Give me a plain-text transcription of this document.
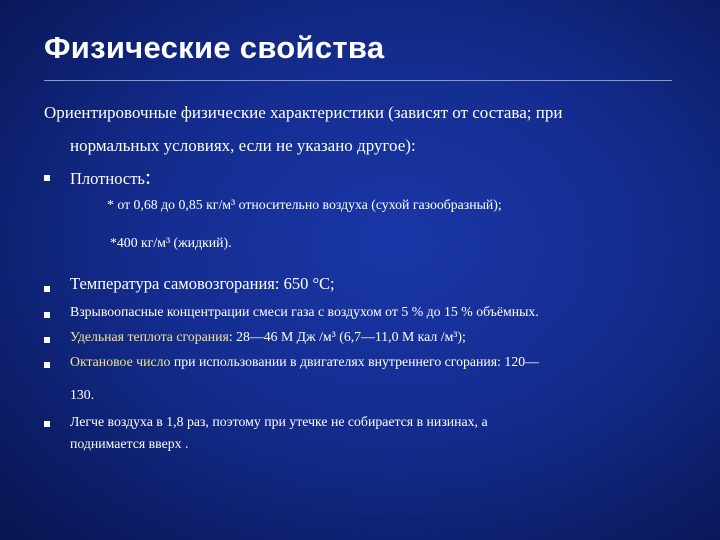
Физические свойства
Ориентировочные физические характеристики (зависят от состава; при
нормальных условиях, если не указано другое):
Плотность:
* от 0,68 до 0,85 кг/м³ относительно воздуха (сухой газообразный);
*400 кг/м³ (жидкий).
Температура самовозгорания: 650 °C;
Взрывоопасные концентрации смеси газа с воздухом от 5 % до 15 % объёмных.
Удельная теплота сгорания: 28—46 М Дж /м³ (6,7—11,0 М кал /м³);
Октановое число при использовании в двигателях внутреннего сгорания: 120—
130.
Легче воздуха в 1,8 раз, поэтому при утечке не собирается в низинах, а
поднимается вверх .
